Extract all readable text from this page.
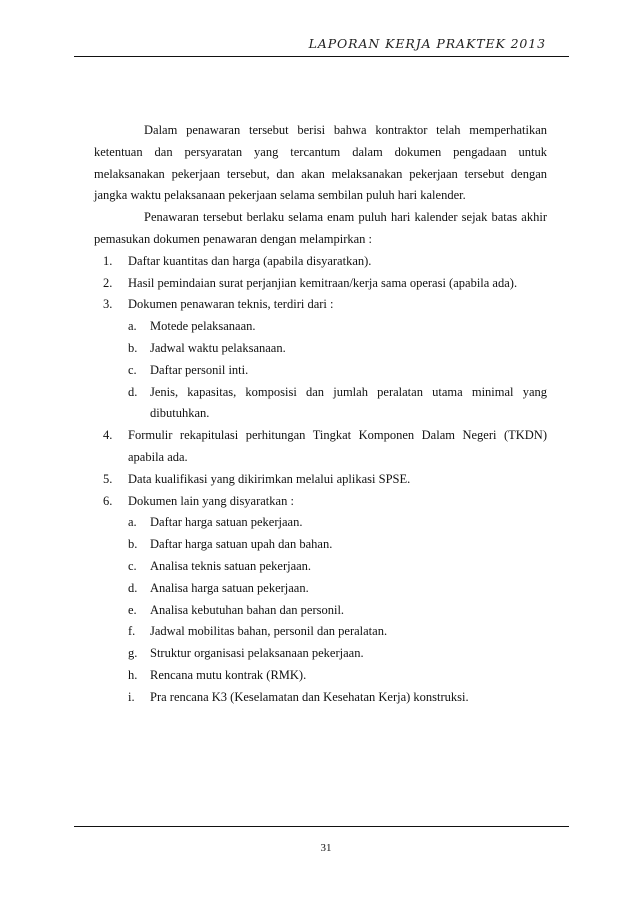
LAPORAN KERJA PRAKTEK 2013

Dalam penawaran tersebut berisi bahwa kontraktor telah memperhatikan ketentuan dan persyaratan yang tercantum dalam dokumen pengadaan untuk melaksanakan pekerjaan tersebut, dan akan melaksanakan pekerjaan tersebut dengan jangka waktu pelaksanaan pekerjaan selama sembilan puluh hari kalender.

Penawaran tersebut berlaku selama enam puluh hari kalender sejak batas akhir pemasukan dokumen penawaran dengan melampirkan :

1. Daftar kuantitas dan harga (apabila disyaratkan).
2. Hasil pemindaian surat perjanjian kemitraan/kerja sama operasi (apabila ada).
3. Dokumen penawaran teknis, terdiri dari :
a. Motede pelaksanaan.
b. Jadwal waktu pelaksanaan.
c. Daftar personil inti.
d. Jenis, kapasitas, komposisi dan jumlah peralatan utama minimal yang dibutuhkan.
4. Formulir rekapitulasi perhitungan Tingkat Komponen Dalam Negeri (TKDN) apabila ada.
5. Data kualifikasi yang dikirimkan melalui aplikasi SPSE.
6. Dokumen lain yang disyaratkan :
a. Daftar harga satuan pekerjaan.
b. Daftar harga satuan upah dan bahan.
c. Analisa teknis satuan pekerjaan.
d. Analisa harga satuan pekerjaan.
e. Analisa kebutuhan bahan dan personil.
f. Jadwal mobilitas bahan, personil dan peralatan.
g. Struktur organisasi pelaksanaan pekerjaan.
h. Rencana mutu kontrak (RMK).
i. Pra rencana K3 (Keselamatan dan Kesehatan Kerja) konstruksi.
31
